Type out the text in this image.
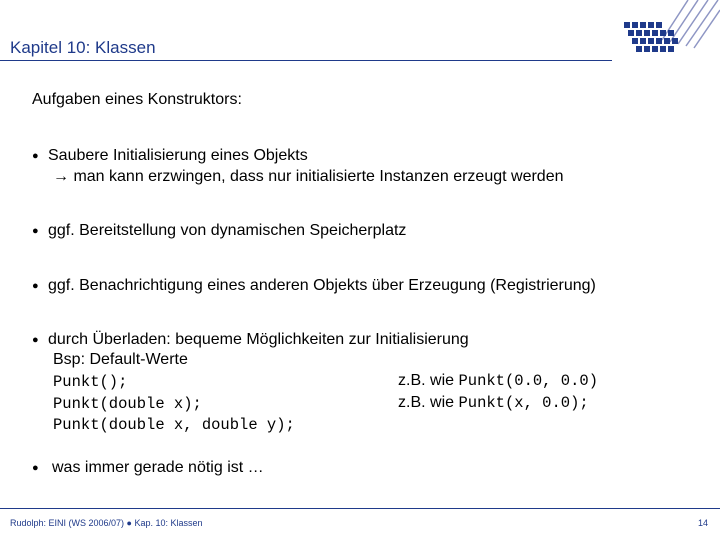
Kapitel 10: Klassen
Aufgaben eines Konstruktors:
● Saubere Initialisierung eines Objekts
→ man kann erzwingen, dass nur initialisierte Instanzen erzeugt werden
● ggf. Bereitstellung von dynamischen Speicherplatz
● ggf. Benachrichtigung eines anderen Objekts über Erzeugung (Registrierung)
● durch Überladen: bequeme Möglichkeiten zur Initialisierung
Bsp: Default-Werte
Punkt();
Punkt(double x);
Punkt(double x, double y);
z.B. wie Punkt(0.0, 0.0)
z.B. wie Punkt(x, 0.0);
● was immer gerade nötig ist …
Rudolph: EINI (WS 2006/07) ● Kap. 10: Klassen	14
